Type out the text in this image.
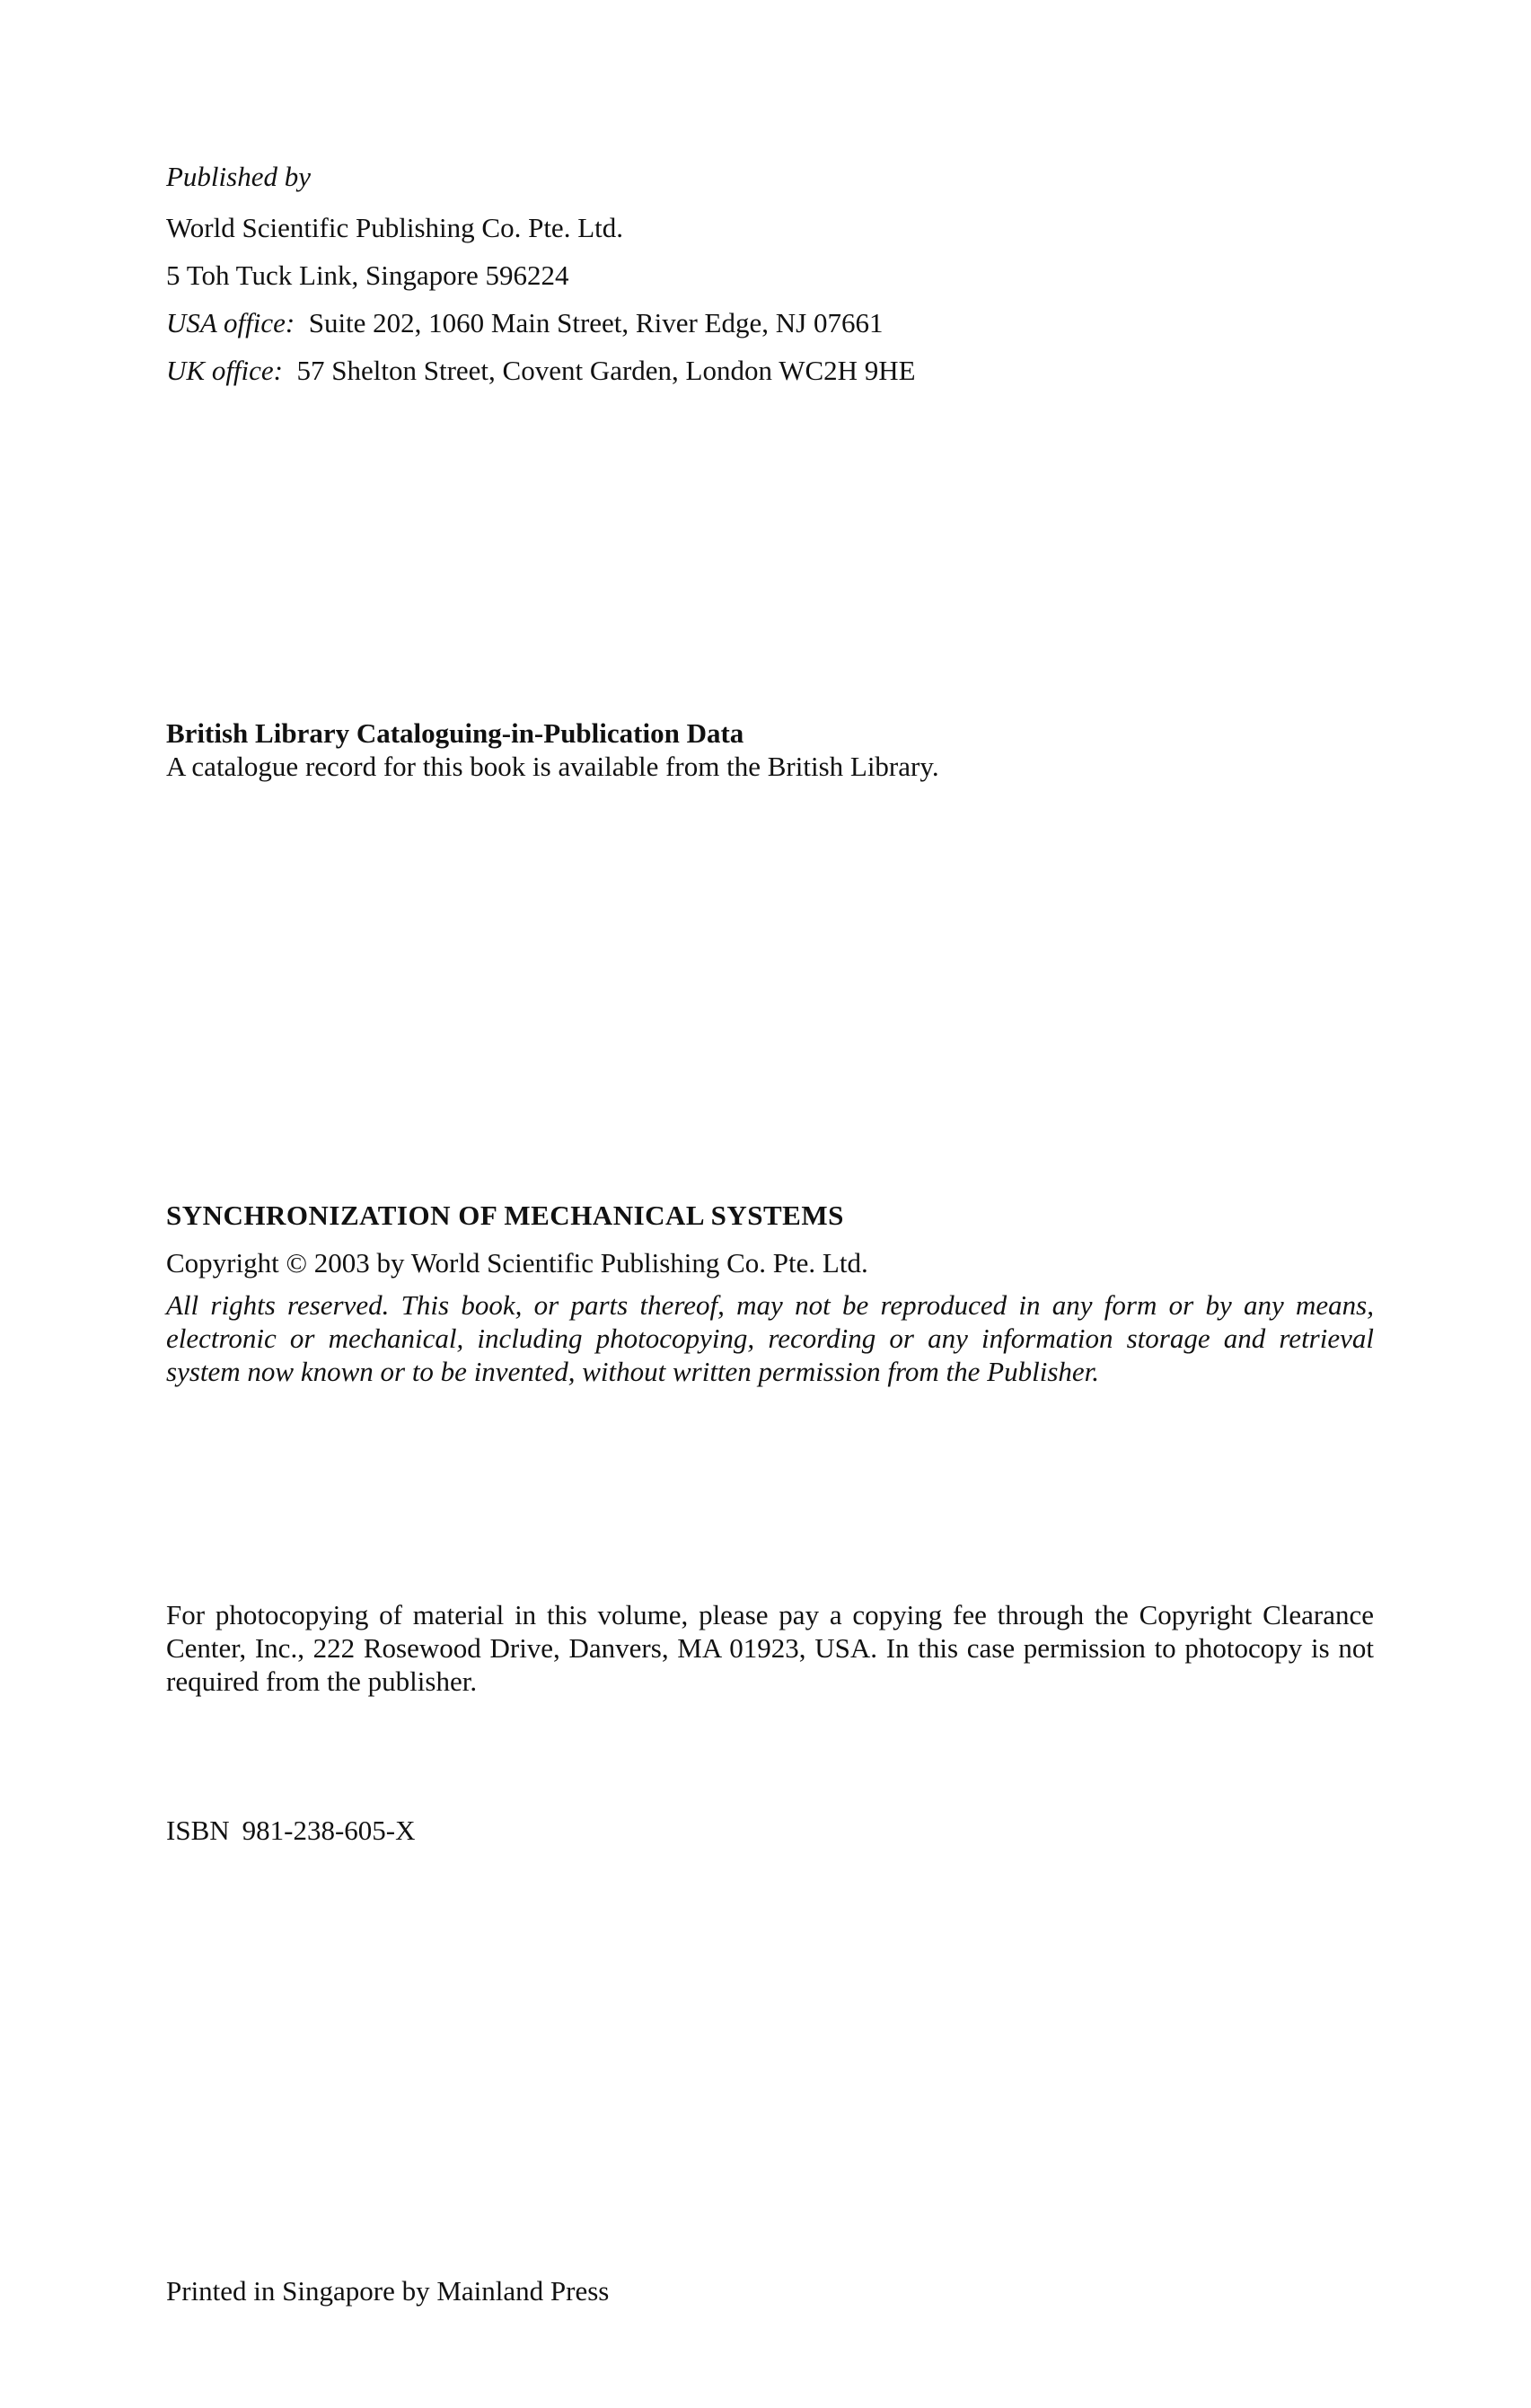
Published by
World Scientific Publishing Co. Pte. Ltd.
5 Toh Tuck Link, Singapore 596224
USA office: Suite 202, 1060 Main Street, River Edge, NJ 07661
UK office: 57 Shelton Street, Covent Garden, London WC2H 9HE
British Library Cataloguing-in-Publication Data
A catalogue record for this book is available from the British Library.
SYNCHRONIZATION OF MECHANICAL SYSTEMS
Copyright © 2003 by World Scientific Publishing Co. Pte. Ltd.
All rights reserved. This book, or parts thereof, may not be reproduced in any form or by any means, electronic or mechanical, including photocopying, recording or any information storage and retrieval system now known or to be invented, without written permission from the Publisher.
For photocopying of material in this volume, please pay a copying fee through the Copyright Clearance Center, Inc., 222 Rosewood Drive, Danvers, MA 01923, USA. In this case permission to photocopy is not required from the publisher.
ISBN 981-238-605-X
Printed in Singapore by Mainland Press
